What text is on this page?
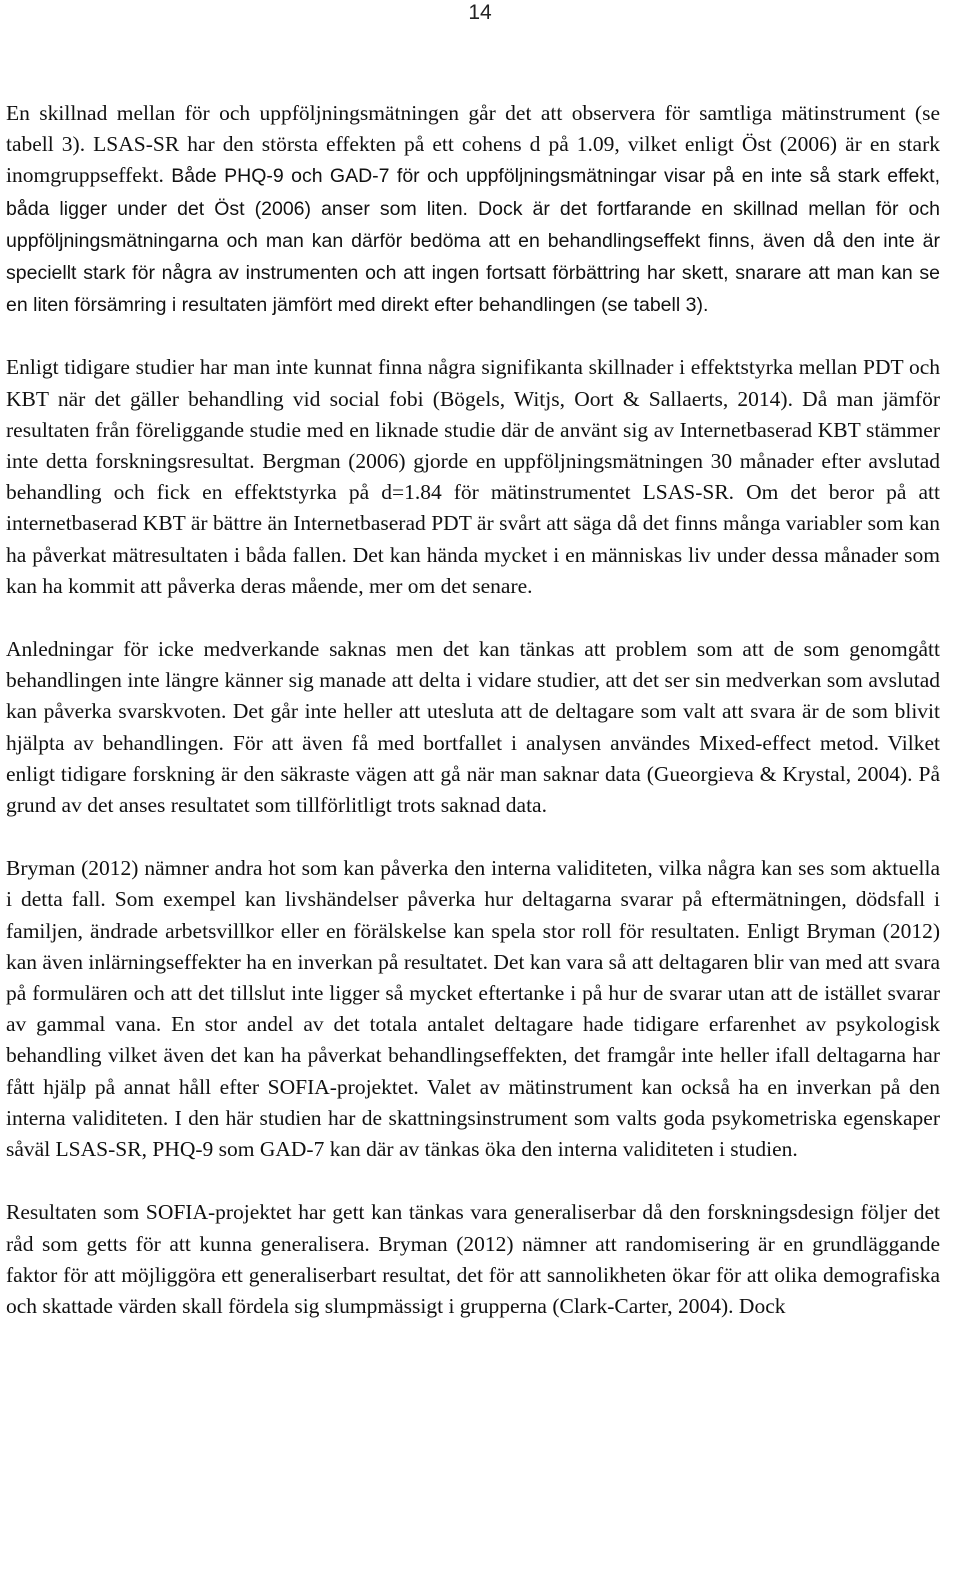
14

En skillnad mellan för och uppföljningsmätningen går det att observera för samtliga mätinstrument (se tabell 3). LSAS-SR har den största effekten på ett cohens d på 1.09, vilket enligt Öst (2006) är en stark inomgruppseffekt. Både PHQ-9 och GAD-7 för och uppföljningsmätningar visar på en inte så stark effekt, båda ligger under det Öst (2006) anser som liten. Dock är det fortfarande en skillnad mellan för och uppföljningsmätningarna och man kan därför bedöma att en behandlingseffekt finns, även då den inte är speciellt stark för några av instrumenten och att ingen fortsatt förbättring har skett, snarare att man kan se en liten försämring i resultaten jämfört med direkt efter behandlingen (se tabell 3).

Enligt tidigare studier har man inte kunnat finna några signifikanta skillnader i effektstyrka mellan PDT och KBT när det gäller behandling vid social fobi (Bögels, Witjs, Oort & Sallaerts, 2014). Då man jämför resultaten från föreliggande studie med en liknade studie där de använt sig av Internetbaserad KBT stämmer inte detta forskningsresultat. Bergman (2006) gjorde en uppföljningsmätningen 30 månader efter avslutad behandling och fick en effektstyrka på d=1.84 för mätinstrumentet LSAS-SR. Om det beror på att internetbaserad KBT är bättre än Internetbaserad PDT är svårt att säga då det finns många variabler som kan ha påverkat mätresultaten i båda fallen. Det kan hända mycket i en människas liv under dessa månader som kan ha kommit att påverka deras mående, mer om det senare.

Anledningar för icke medverkande saknas men det kan tänkas att problem som att de som genomgått behandlingen inte längre känner sig manade att delta i vidare studier, att det ser sin medverkan som avslutad kan påverka svarskvoten. Det går inte heller att utesluta att de deltagare som valt att svara är de som blivit hjälpta av behandlingen. För att även få med bortfallet i analysen användes Mixed-effect metod. Vilket enligt tidigare forskning är den säkraste vägen att gå när man saknar data (Gueorgieva & Krystal, 2004). På grund av det anses resultatet som tillförlitligt trots saknad data.

Bryman (2012) nämner andra hot som kan påverka den interna validiteten, vilka några kan ses som aktuella i detta fall. Som exempel kan livshändelser påverka hur deltagarna svarar på eftermätningen, dödsfall i familjen, ändrade arbetsvillkor eller en förälskelse kan spela stor roll för resultaten. Enligt Bryman (2012) kan även inlärningseffekter ha en inverkan på resultatet. Det kan vara så att deltagaren blir van med att svara på formulären och att det tillslut inte ligger så mycket eftertanke i på hur de svarar utan att de istället svarar av gammal vana. En stor andel av det totala antalet deltagare hade tidigare erfarenhet av psykologisk behandling vilket även det kan ha påverkat behandlingseffekten, det framgår inte heller ifall deltagarna har fått hjälp på annat håll efter SOFIA-projektet. Valet av mätinstrument kan också ha en inverkan på den interna validiteten. I den här studien har de skattningsinstrument som valts goda psykometriska egenskaper såväl LSAS-SR, PHQ-9 som GAD-7 kan där av tänkas öka den interna validiteten i studien.

Resultaten som SOFIA-projektet har gett kan tänkas vara generaliserbar då den forskningsdesign följer det råd som getts för att kunna generalisera. Bryman (2012) nämner att randomisering är en grundläggande faktor för att möjliggöra ett generaliserbart resultat, det för att sannolikheten ökar för att olika demografiska och skattade värden skall fördela sig slumpmässigt i grupperna (Clark-Carter, 2004). Dock
